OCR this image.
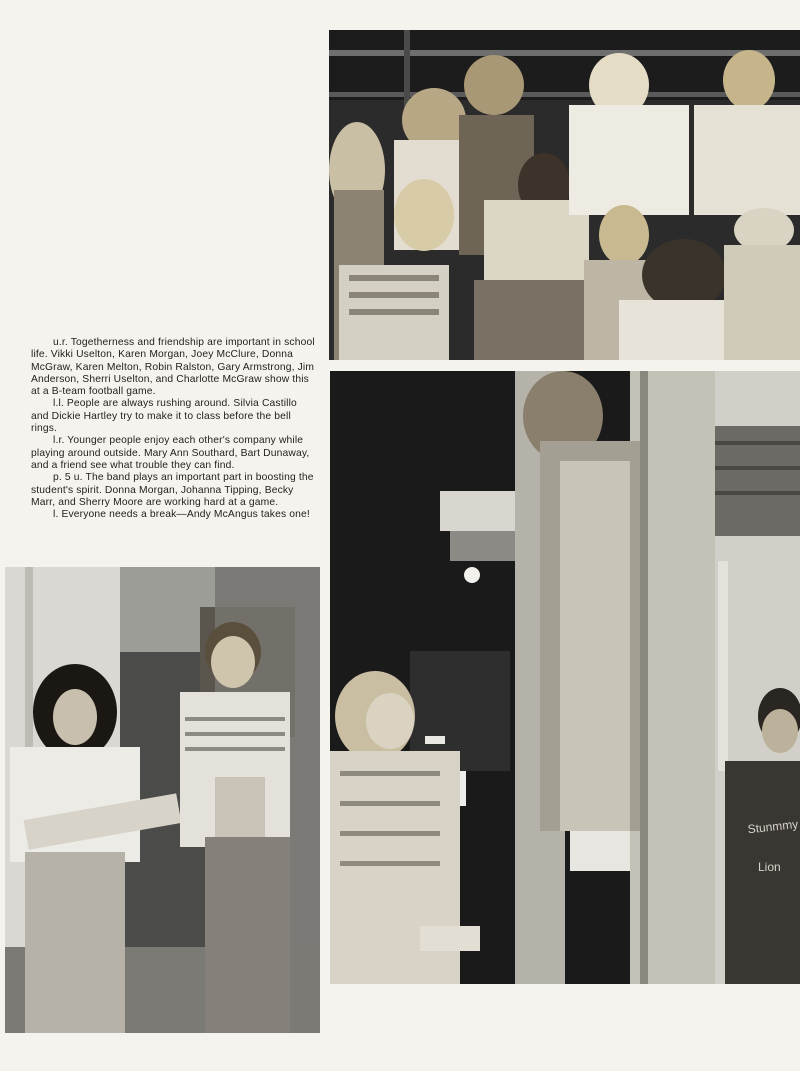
u.r. Togetherness and friendship are important in school life. Vikki Uselton, Karen Morgan, Joey McClure, Donna McGraw, Karen Melton, Robin Ralston, Gary Armstrong, Jim Anderson, Sherri Uselton, and Charlotte McGraw show this at a B-team football game.

l.l. People are always rushing around. Silvia Castillo and Dickie Hartley try to make it to class before the bell rings.

l.r. Younger people enjoy each other's company while playing around outside. Mary Ann Southard, Bart Dunaway, and a friend see what trouble they can find.

p. 5 u. The band plays an important part in boosting the student's spirit. Donna Morgan, Johanna Tipping, Becky Marr, and Sherry Moore are working hard at a game.

l. Everyone needs a break—Andy McAngus takes one!

Stunmmy
Lion
